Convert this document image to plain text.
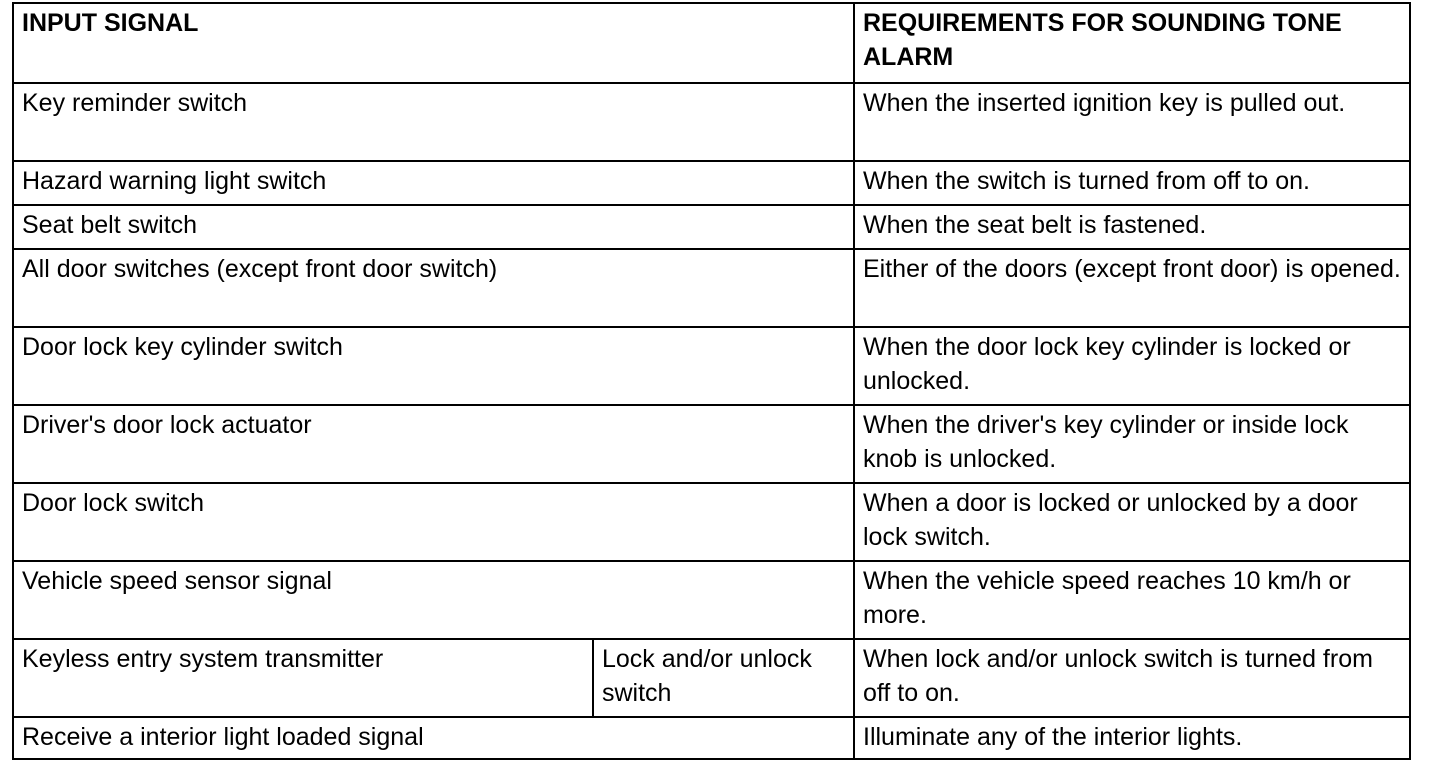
INPUT SIGNAL		REQUIREMENTS FOR SOUNDING TONE ALARM
Key reminder switch		When the inserted ignition key is pulled out.
Hazard warning light switch		When the switch is turned from off to on.
Seat belt switch		When the seat belt is fastened.
All door switches (except front door switch)		Either of the doors (except front door) is opened.
Door lock key cylinder switch		When the door lock key cylinder is locked or unlocked.
Driver's door lock actuator		When the driver's key cylinder or inside lock knob is unlocked.
Door lock switch		When a door is locked or unlocked by a door lock switch.
Vehicle speed sensor signal		When the vehicle speed reaches 10 km/h or more.
Keyless entry system transmitter	Lock and/or unlock switch	When lock and/or unlock switch is turned from off to on.
Receive a interior light loaded signal		Illuminate any of the interior lights.
